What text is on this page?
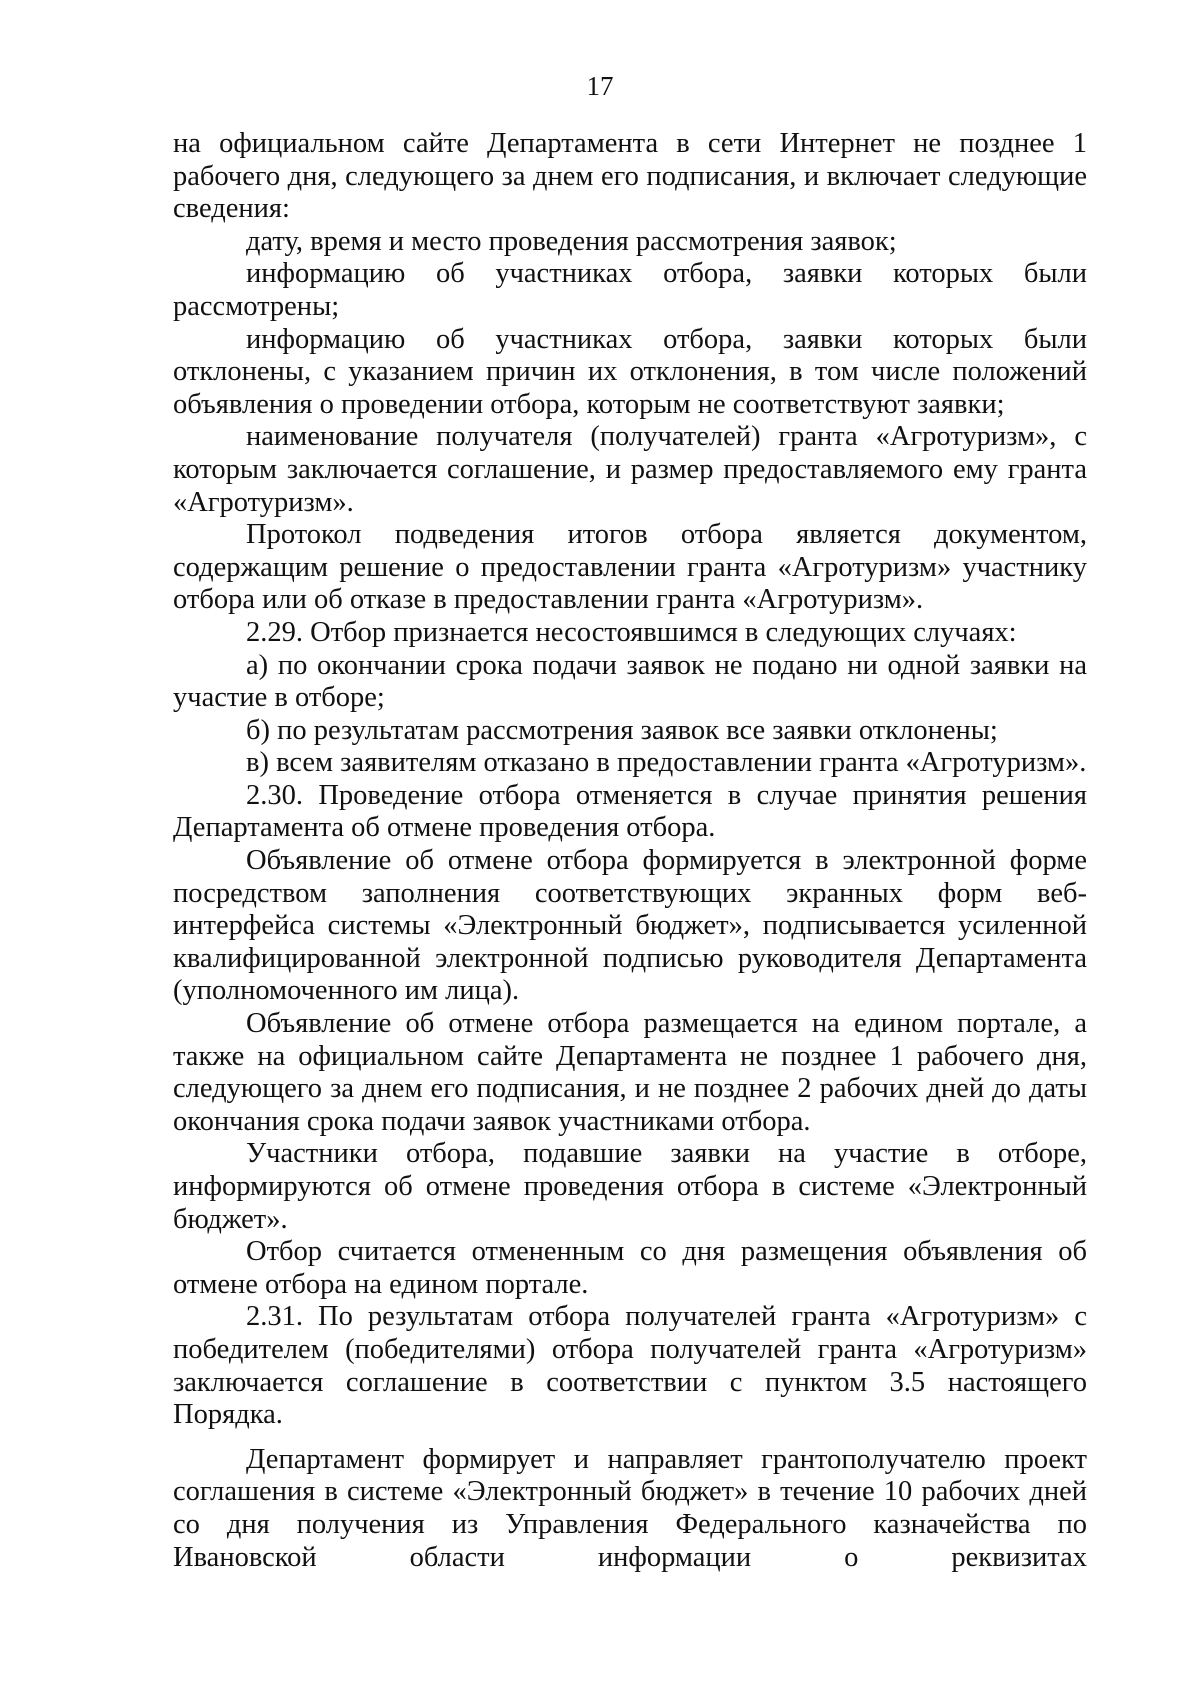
17

на официальном сайте Департамента в сети Интернет не позднее 1 рабочего дня, следующего за днем его подписания, и включает следующие сведения:

дату, время и место проведения рассмотрения заявок;

информацию об участниках отбора, заявки которых были рассмотрены;

информацию об участниках отбора, заявки которых были отклонены, с указанием причин их отклонения, в том числе положений объявления о проведении отбора, которым не соответствуют заявки;

наименование получателя (получателей) гранта «Агротуризм», с которым заключается соглашение, и размер предоставляемого ему гранта «Агротуризм».

Протокол подведения итогов отбора является документом, содержащим решение о предоставлении гранта «Агротуризм» участнику отбора или об отказе в предоставлении гранта «Агротуризм».

2.29. Отбор признается несостоявшимся в следующих случаях:

а) по окончании срока подачи заявок не подано ни одной заявки на участие в отборе;

б) по результатам рассмотрения заявок все заявки отклонены;

в) всем заявителям отказано в предоставлении гранта «Агротуризм».

2.30. Проведение отбора отменяется в случае принятия решения Департамента об отмене проведения отбора.

Объявление об отмене отбора формируется в электронной форме посредством заполнения соответствующих экранных форм веб-интерфейса системы «Электронный бюджет», подписывается усиленной квалифицированной электронной подписью руководителя Департамента (уполномоченного им лица).

Объявление об отмене отбора размещается на едином портале, а также на официальном сайте Департамента не позднее 1 рабочего дня, следующего за днем его подписания, и не позднее 2 рабочих дней до даты окончания срока подачи заявок участниками отбора.

Участники отбора, подавшие заявки на участие в отборе, информируются об отмене проведения отбора в системе «Электронный бюджет».

Отбор считается отмененным со дня размещения объявления об отмене отбора на едином портале.

2.31. По результатам отбора получателей гранта «Агротуризм» с победителем (победителями) отбора получателей гранта «Агротуризм» заключается соглашение в соответствии с пунктом 3.5 настоящего Порядка.

Департамент формирует и направляет грантополучателю проект соглашения в системе «Электронный бюджет» в течение 10 рабочих дней со дня получения из Управления Федерального казначейства по Ивановской области информации о реквизитах
